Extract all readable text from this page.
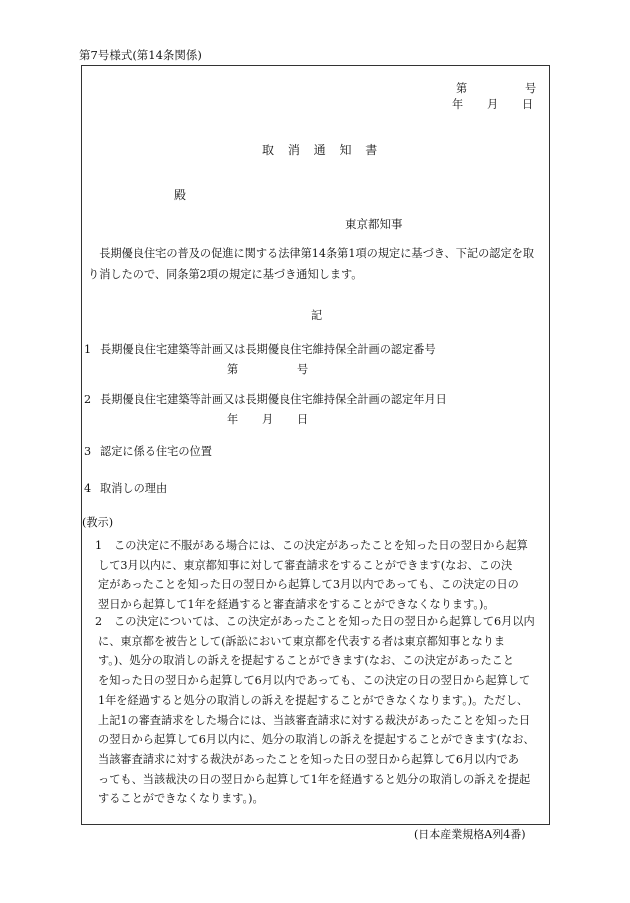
第7号様式(第14条関係)
第	号
年 月 日
取 消 通 知 書
殿
東京都知事
　長期優良住宅の普及の促進に関する法律第14条第1項の規定に基づき、下記の認定を取
り消したので、同条第2項の規定に基づき通知します。
記
1 長期優良住宅建築等計画又は長期優良住宅維持保全計画の認定番号
第	号
2 長期優良住宅建築等計画又は長期優良住宅維持保全計画の認定年月日
年 月 日
3 認定に係る住宅の位置
4 取消しの理由
(教示)
1	この決定に不服がある場合には、この決定があったことを知った日の翌日から起算
して3月以内に、東京都知事に対して審査請求をすることができます(なお、この決
定があったことを知った日の翌日から起算して3月以内であっても、この決定の日の
翌日から起算して1年を経過すると審査請求をすることができなくなります。)。
2	この決定については、この決定があったことを知った日の翌日から起算して6月以内
に、東京都を被告として(訴訟において東京都を代表する者は東京都知事となりま
す。)、処分の取消しの訴えを提起することができます(なお、この決定があったこと
を知った日の翌日から起算して6月以内であっても、この決定の日の翌日から起算して
1年を経過すると処分の取消しの訴えを提起することができなくなります。)。ただし、
上記1の審査請求をした場合には、当該審査請求に対する裁決があったことを知った日
の翌日から起算して6月以内に、処分の取消しの訴えを提起することができます(なお、
当該審査請求に対する裁決があったことを知った日の翌日から起算して6月以内であ
っても、当該裁決の日の翌日から起算して1年を経過すると処分の取消しの訴えを提起
することができなくなります。)。
(日本産業規格A列4番)
